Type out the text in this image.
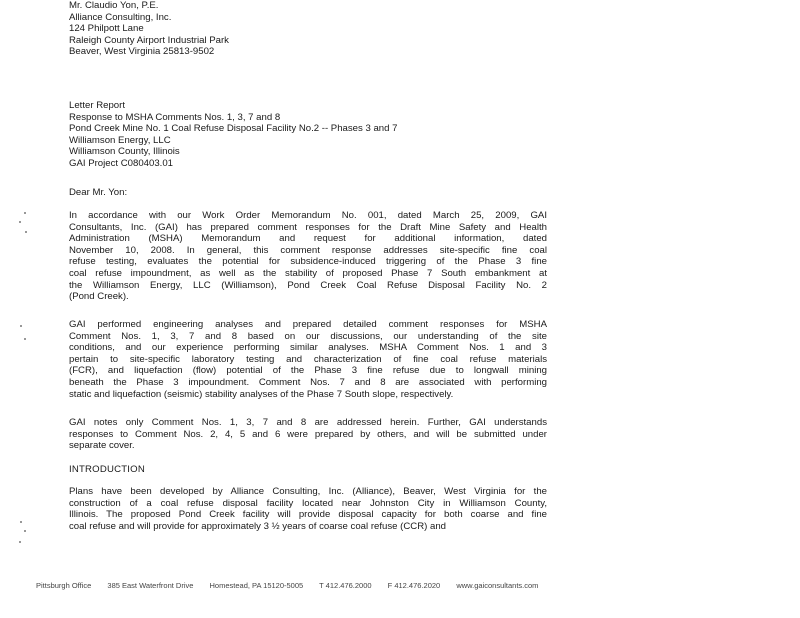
Mr. Claudio Yon, P.E.
Alliance Consulting, Inc.
124 Philpott Lane
Raleigh County Airport Industrial Park
Beaver, West Virginia 25813-9502
Letter Report
Response to MSHA Comments Nos. 1, 3, 7 and 8
Pond Creek Mine No. 1 Coal Refuse Disposal Facility No.2 -- Phases 3 and 7
Williamson Energy, LLC
Williamson County, Illinois
GAI Project C080403.01
Dear Mr. Yon:
In accordance with our Work Order Memorandum No. 001, dated March 25, 2009, GAI
Consultants, Inc. (GAI) has prepared comment responses for the Draft Mine Safety and Health
Administration (MSHA) Memorandum and request for additional information, dated
November 10, 2008. In general, this comment response addresses site-specific fine coal
refuse testing, evaluates the potential for subsidence-induced triggering of the Phase 3 fine
coal refuse impoundment, as well as the stability of proposed Phase 7 South embankment at
the Williamson Energy, LLC (Williamson), Pond Creek Coal Refuse Disposal Facility No. 2
(Pond Creek).
GAI performed engineering analyses and prepared detailed comment responses for MSHA
Comment Nos. 1, 3, 7 and 8 based on our discussions, our understanding of the site
conditions, and our experience performing similar analyses. MSHA Comment Nos. 1 and 3
pertain to site-specific laboratory testing and characterization of fine coal refuse materials
(FCR), and liquefaction (flow) potential of the Phase 3 fine refuse due to longwall mining
beneath the Phase 3 impoundment. Comment Nos. 7 and 8 are associated with performing
static and liquefaction (seismic) stability analyses of the Phase 7 South slope, respectively.
GAI notes only Comment Nos. 1, 3, 7 and 8 are addressed herein. Further, GAI understands
responses to Comment Nos. 2, 4, 5 and 6 were prepared by others, and will be submitted under
separate cover.
INTRODUCTION
Plans have been developed by Alliance Consulting, Inc. (Alliance), Beaver, West Virginia for the
construction of a coal refuse disposal facility located near Johnston City in Williamson County,
Illinois. The proposed Pond Creek facility will provide disposal capacity for both coarse and fine
coal refuse and will provide for approximately 3 ½ years of coarse coal refuse (CCR) and
Pittsburgh Office 385 East Waterfront Drive Homestead, PA 15120-5005 T 412.476.2000 F 412.476.2020 www.gaiconsultants.com
